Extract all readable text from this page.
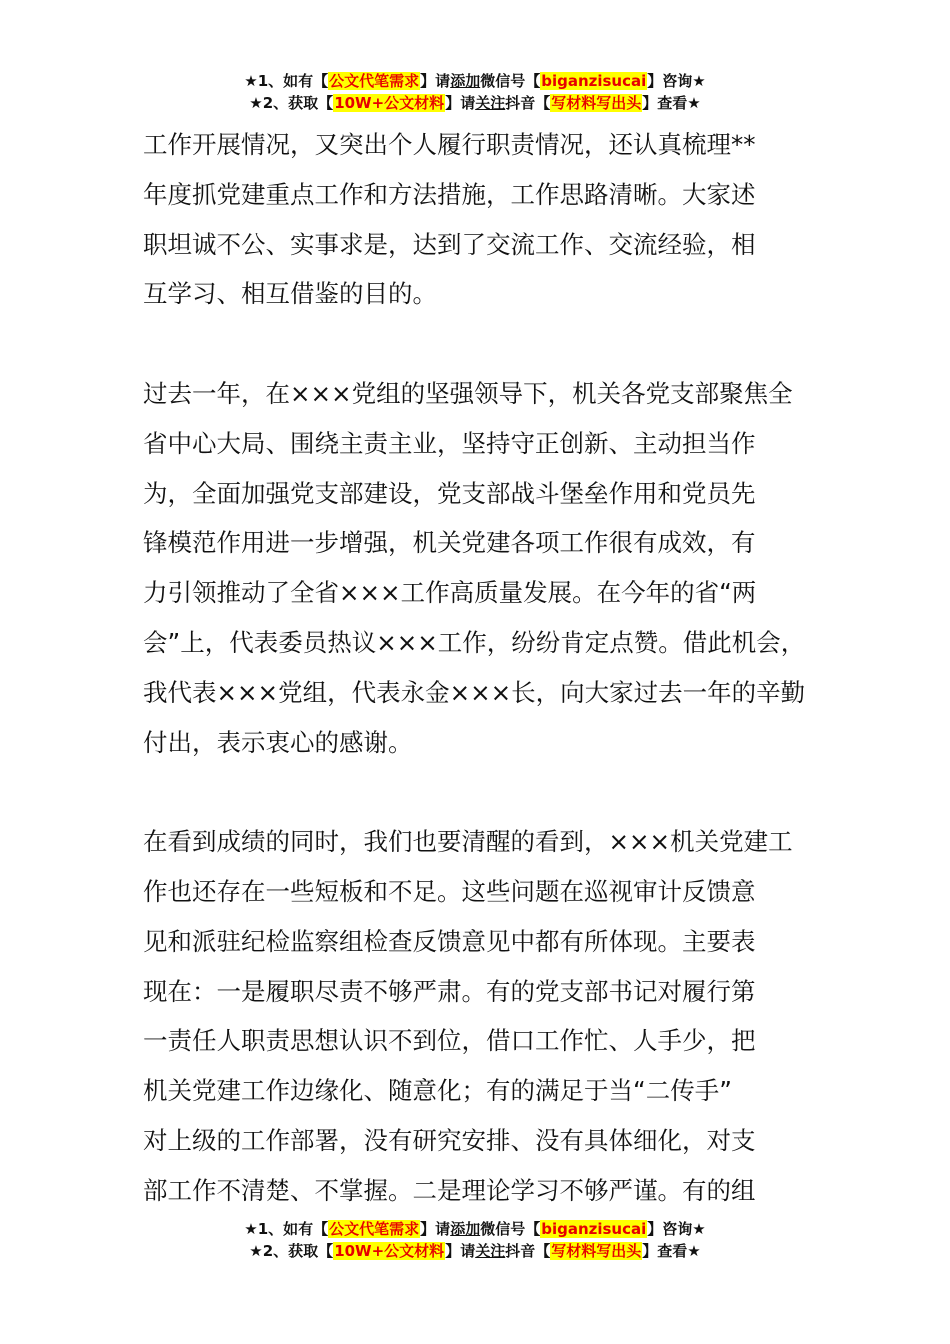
★1、如有【公文代笔需求】请添加微信号【biganzisucai】咨询★
★2、获取【10W+公文材料】请关注抖音【写材料写出头】查看★
工作开展情况，又突出个人履行职责情况，还认真梳理**
年度抓党建重点工作和方法措施，工作思路清晰。大家述
职坦诚不公、实事求是，达到了交流工作、交流经验，相
互学习、相互借鉴的目的。
过去一年，在×××党组的坚强领导下，机关各党支部聚焦全
省中心大局、围绕主责主业，坚持守正创新、主动担当作
为，全面加强党支部建设，党支部战斗堡垒作用和党员先
锋模范作用进一步增强，机关党建各项工作很有成效，有
力引领推动了全省×××工作高质量发展。在今年的省“两
会”上，代表委员热议×××工作，纷纷肯定点赞。借此机会，
我代表×××党组，代表永金×××长，向大家过去一年的辛勤
付出，表示衷心的感谢。
在看到成绩的同时，我们也要清醒的看到，×××机关党建工
作也还存在一些短板和不足。这些问题在巡视审计反馈意
见和派驻纪检监察组检查反馈意见中都有所体现。主要表
现在：一是履职尽责不够严肃。有的党支部书记对履行第
一责任人职责思想认识不到位，借口工作忙、人手少，把
机关党建工作边缘化、随意化；有的满足于当“二传手”
对上级的工作部署，没有研究安排、没有具体细化，对支
部工作不清楚、不掌握。二是理论学习不够严谨。有的组
★1、如有【公文代笔需求】请添加微信号【biganzisucai】咨询★
★2、获取【10W+公文材料】请关注抖音【写材料写出头】查看★
